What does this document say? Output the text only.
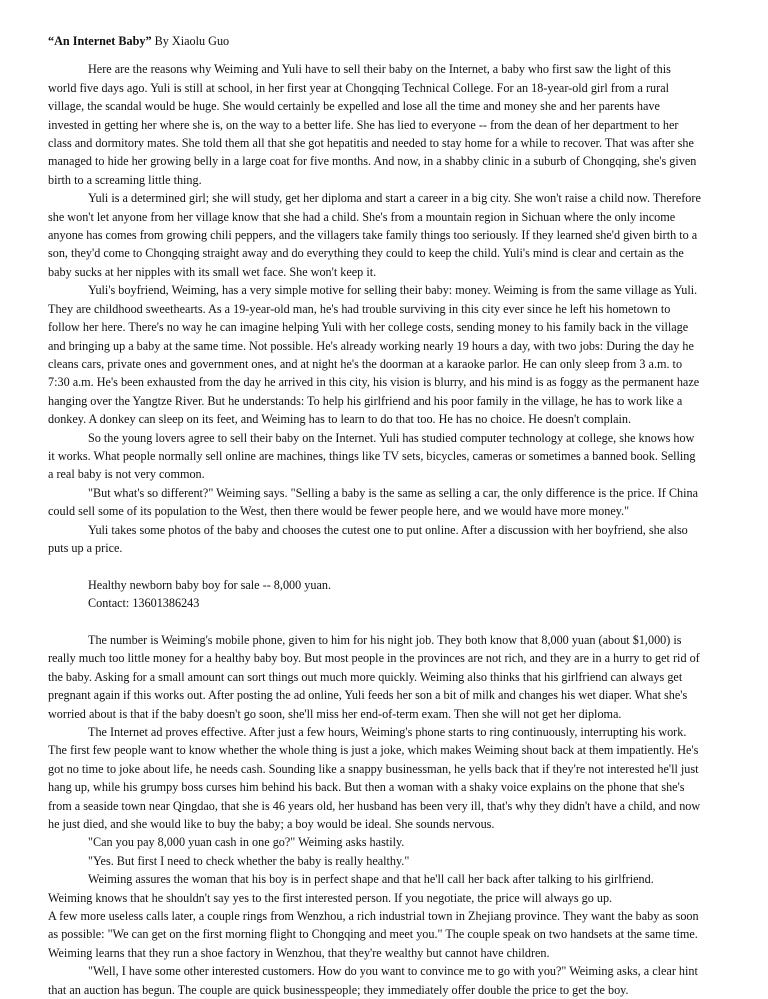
“An Internet Baby” By Xiaolu Guo

Here are the reasons why Weiming and Yuli have to sell their baby on the Internet, a baby who first saw the light of this world five days ago. Yuli is still at school, in her first year at Chongqing Technical College. For an 18-year-old girl from a rural village, the scandal would be huge. She would certainly be expelled and lose all the time and money she and her parents have invested in getting her where she is, on the way to a better life. She has lied to everyone -- from the dean of her department to her class and dormitory mates. She told them all that she got hepatitis and needed to stay home for a while to recover. That was after she managed to hide her growing belly in a large coat for five months. And now, in a shabby clinic in a suburb of Chongqing, she's given birth to a screaming little thing.

Yuli is a determined girl; she will study, get her diploma and start a career in a big city. She won't raise a child now. Therefore she won't let anyone from her village know that she had a child. She's from a mountain region in Sichuan where the only income anyone has comes from growing chili peppers, and the villagers take family things too seriously. If they learned she'd given birth to a son, they'd come to Chongqing straight away and do everything they could to keep the child. Yuli's mind is clear and certain as the baby sucks at her nipples with its small wet face. She won't keep it.

Yuli's boyfriend, Weiming, has a very simple motive for selling their baby: money. Weiming is from the same village as Yuli. They are childhood sweethearts. As a 19-year-old man, he's had trouble surviving in this city ever since he left his hometown to follow her here. There's no way he can imagine helping Yuli with her college costs, sending money to his family back in the village and bringing up a baby at the same time. Not possible. He's already working nearly 19 hours a day, with two jobs: During the day he cleans cars, private ones and government ones, and at night he's the doorman at a karaoke parlor. He can only sleep from 3 a.m. to 7:30 a.m. He's been exhausted from the day he arrived in this city, his vision is blurry, and his mind is as foggy as the permanent haze hanging over the Yangtze River. But he understands: To help his girlfriend and his poor family in the village, he has to work like a donkey. A donkey can sleep on its feet, and Weiming has to learn to do that too. He has no choice. He doesn't complain.

So the young lovers agree to sell their baby on the Internet. Yuli has studied computer technology at college, she knows how it works. What people normally sell online are machines, things like TV sets, bicycles, cameras or sometimes a banned book. Selling a real baby is not very common.

"But what's so different?" Weiming says. "Selling a baby is the same as selling a car, the only difference is the price. If China could sell some of its population to the West, then there would be fewer people here, and we would have more money."

Yuli takes some photos of the baby and chooses the cutest one to put online. After a discussion with her boyfriend, she also puts up a price.

Healthy newborn baby boy for sale -- 8,000 yuan.

Contact: 13601386243

The number is Weiming's mobile phone, given to him for his night job. They both know that 8,000 yuan (about $1,000) is really much too little money for a healthy baby boy. But most people in the provinces are not rich, and they are in a hurry to get rid of the baby. Asking for a small amount can sort things out much more quickly. Weiming also thinks that his girlfriend can always get pregnant again if this works out. After posting the ad online, Yuli feeds her son a bit of milk and changes his wet diaper. What she's worried about is that if the baby doesn't go soon, she'll miss her end-of-term exam. Then she will not get her diploma.

The Internet ad proves effective. After just a few hours, Weiming's phone starts to ring continuously, interrupting his work. The first few people want to know whether the whole thing is just a joke, which makes Weiming shout back at them impatiently. He's got no time to joke about life, he needs cash. Sounding like a snappy businessman, he yells back that if they're not interested he'll just hang up, while his grumpy boss curses him behind his back. But then a woman with a shaky voice explains on the phone that she's from a seaside town near Qingdao, that she is 46 years old, her husband has been very ill, that's why they didn't have a child, and now he just died, and she would like to buy the baby; a boy would be ideal. She sounds nervous.

"Can you pay 8,000 yuan cash in one go?" Weiming asks hastily.

"Yes. But first I need to check whether the baby is really healthy."

Weiming assures the woman that his boy is in perfect shape and that he'll call her back after talking to his girlfriend.

Weiming knows that he shouldn't say yes to the first interested person. If you negotiate, the price will always go up.

A few more useless calls later, a couple rings from Wenzhou, a rich industrial town in Zhejiang province. They want the baby as soon as possible: "We can get on the first morning flight to Chongqing and meet you." The couple speak on two handsets at the same time. Weiming learns that they run a shoe factory in Wenzhou, that they're wealthy but cannot have children.

"Well, I have some other interested customers. How do you want to convince me to go with you?" Weiming asks, a clear hint that an auction has begun. The couple are quick businesspeople; they immediately offer double the price to get the boy.
